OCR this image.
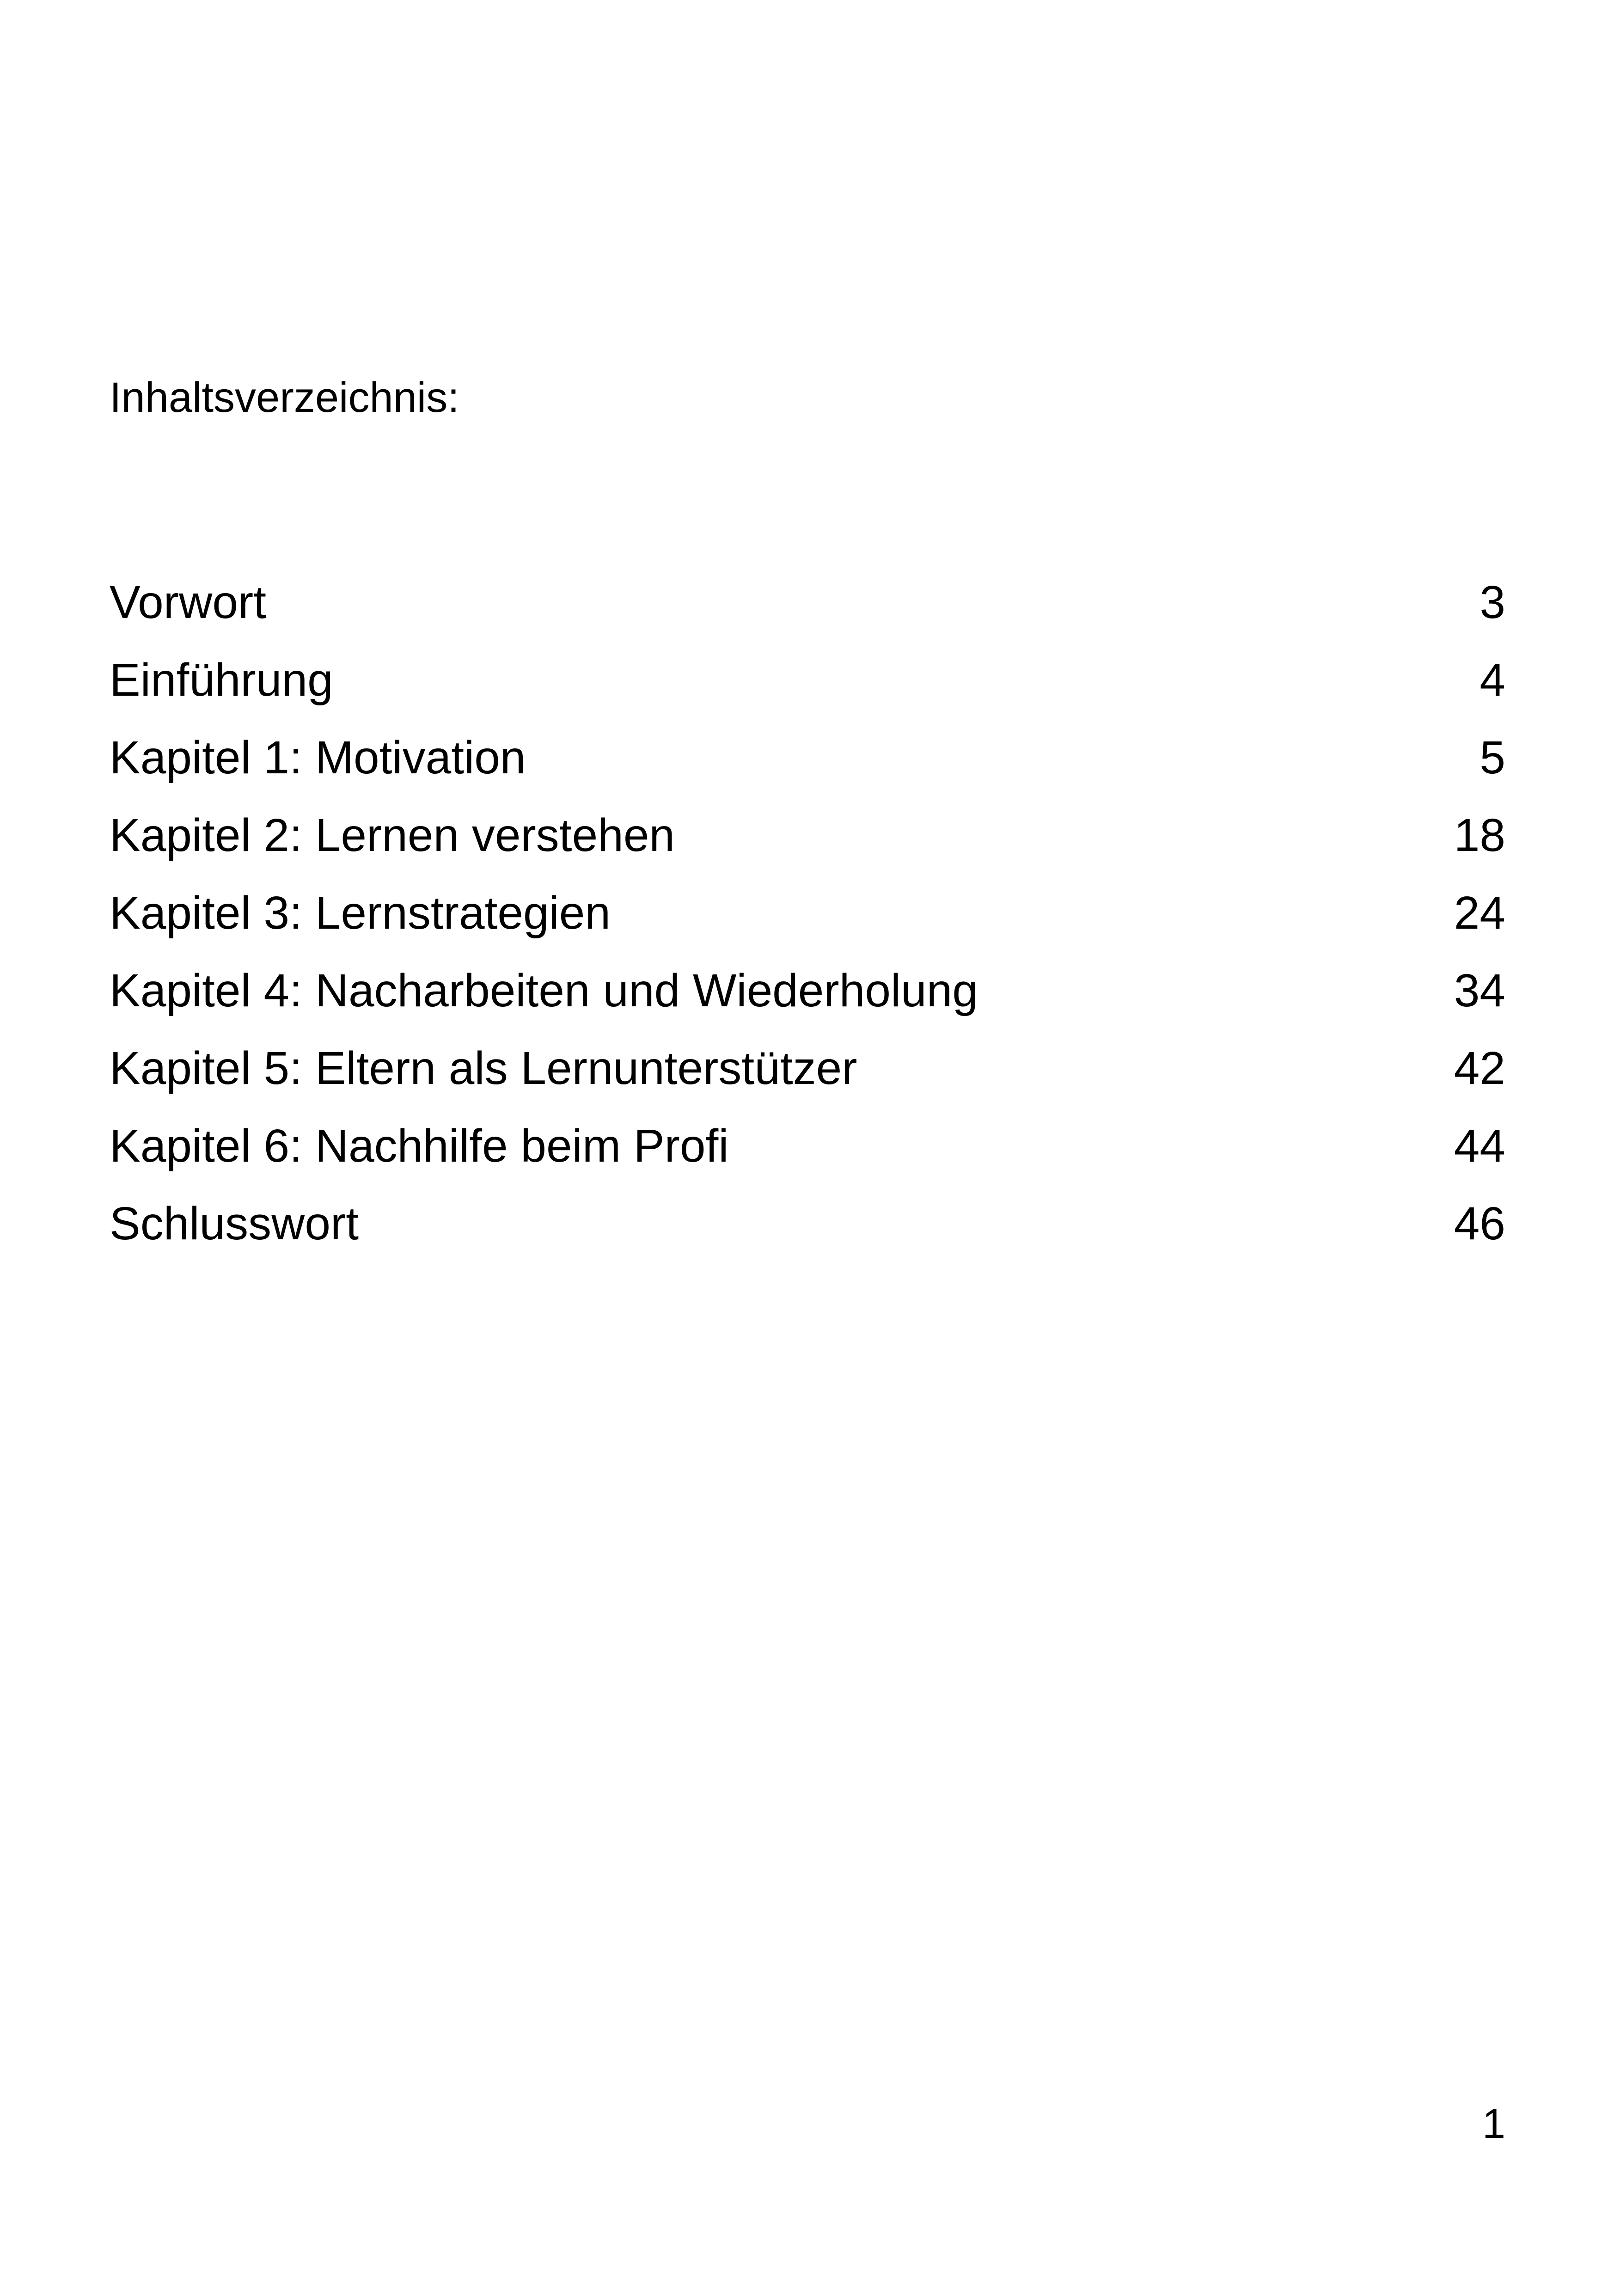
Inhaltsverzeichnis:
Vorwort	3
Einführung	4
Kapitel 1: Motivation	5
Kapitel 2: Lernen verstehen	18
Kapitel 3: Lernstrategien	24
Kapitel 4: Nacharbeiten und Wiederholung	34
Kapitel 5: Eltern als Lernunterstützer	42
Kapitel 6: Nachhilfe beim Profi	44
Schlusswort	46
1
